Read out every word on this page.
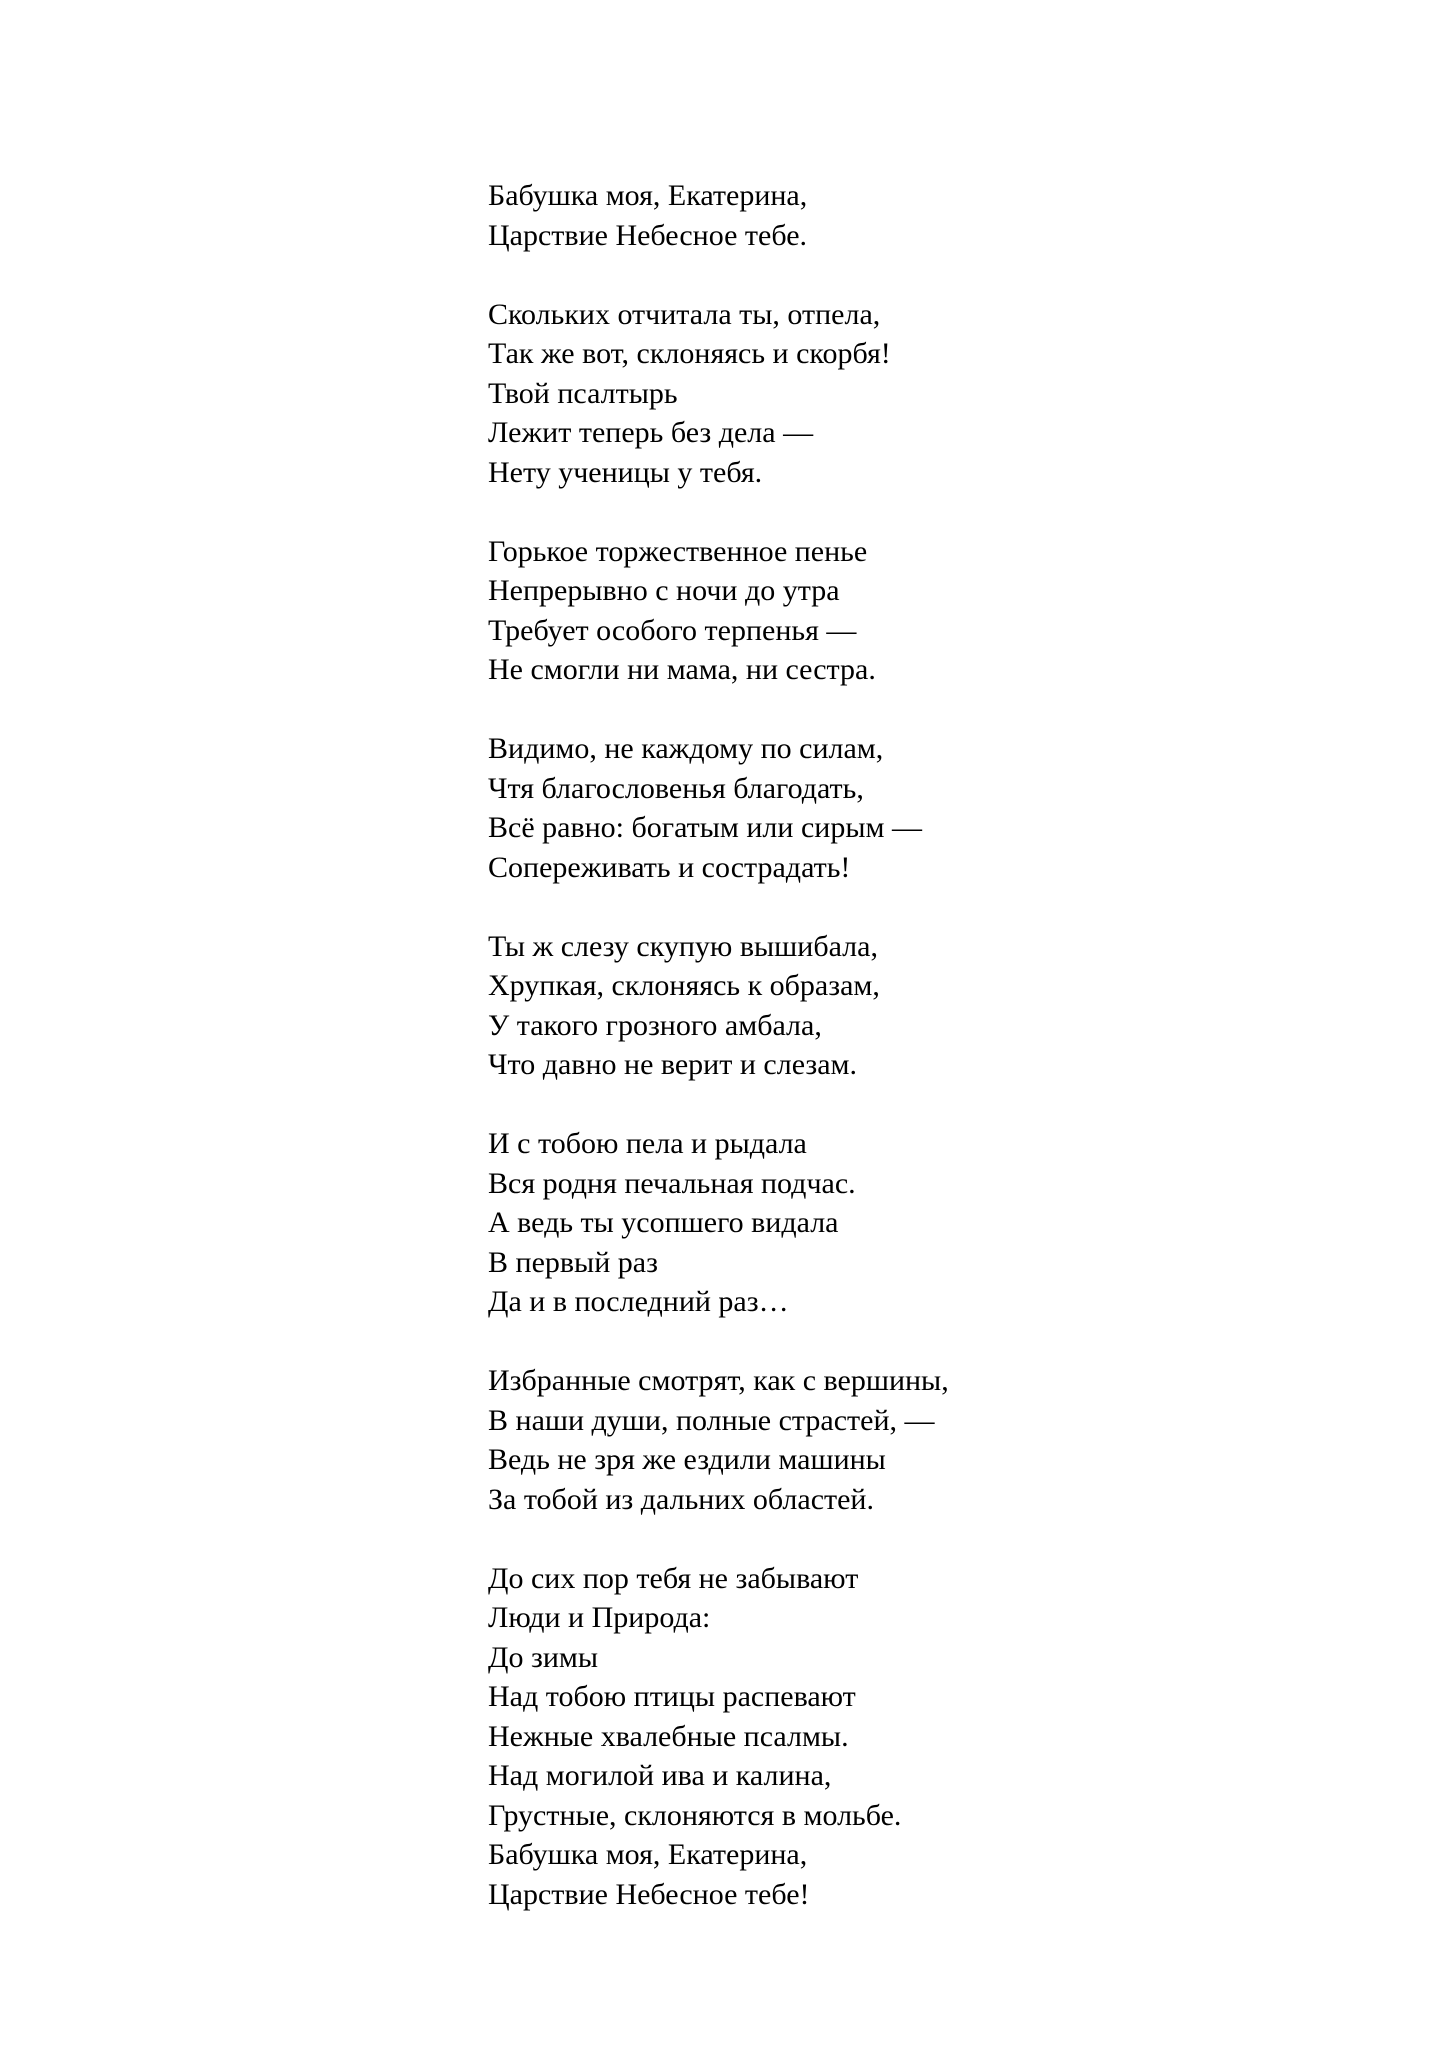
Бабушка моя, Екатерина,
Царствие Небесное тебе.
Скольких отчитала ты, отпела,
Так же вот, склоняясь и скорбя!
Твой псалтырь
Лежит теперь без дела —
Нету ученицы у тебя.
Горькое торжественное пенье
Непрерывно с ночи до утра
Требует особого терпенья —
Не смогли ни мама, ни сестра.
Видимо, не каждому по силам,
Чтя благословенья благодать,
Всё равно: богатым или сирым —
Сопереживать и сострадать!
Ты ж слезу скупую вышибала,
Хрупкая, склоняясь к образам,
У такого грозного амбала,
Что давно не верит и слезам.
И с тобою пела и рыдала
Вся родня печальная подчас.
А ведь ты усопшего видала
В первый раз
Да и в последний раз…
Избранные смотрят, как с вершины,
В наши души, полные страстей, —
Ведь не зря же ездили машины
За тобой из дальних областей.
До сих пор тебя не забывают
Люди и Природа:
До зимы
Над тобою птицы распевают
Нежные хвалебные псалмы.
Над могилой ива и калина,
Грустные, склоняются в мольбе.
Бабушка моя, Екатерина,
Царствие Небесное тебе!
